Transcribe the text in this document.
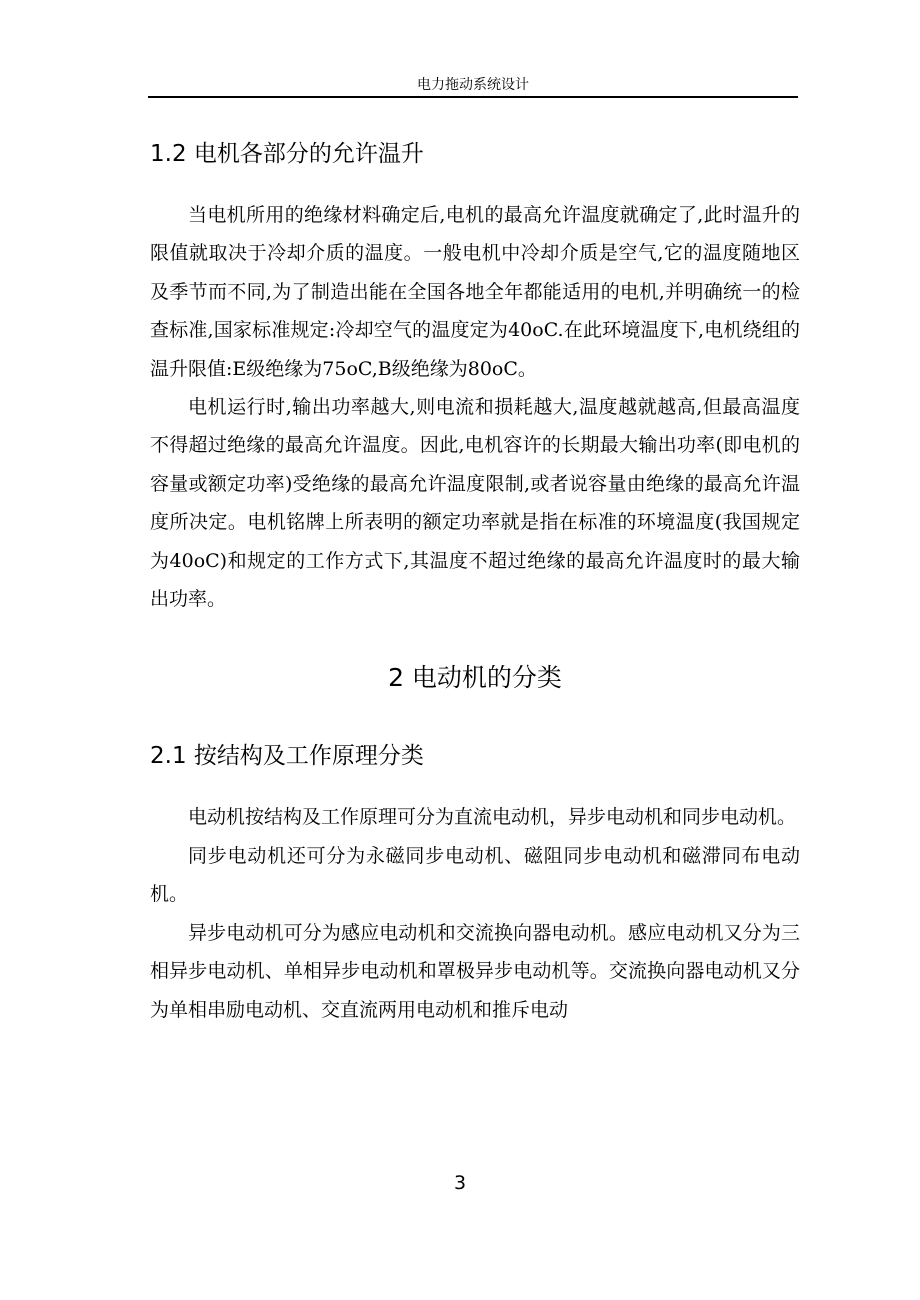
电力拖动系统设计
1.2 电机各部分的允许温升

当电机所用的绝缘材料确定后,电机的最高允许温度就确定了,此时温升的限值就取决于冷却介质的温度。一般电机中冷却介质是空气,它的温度随地区及季节而不同,为了制造出能在全国各地全年都能适用的电机,并明确统一的检查标准,国家标准规定:冷却空气的温度定为40oC.在此环境温度下,电机绕组的温升限值:E级绝缘为75oC,B级绝缘为80oC。

电机运行时,输出功率越大,则电流和损耗越大,温度越就越高,但最高温度不得超过绝缘的最高允许温度。因此,电机容许的长期最大输出功率(即电机的容量或额定功率)受绝缘的最高允许温度限制,或者说容量由绝缘的最高允许温度所决定。电机铭牌上所表明的额定功率就是指在标准的环境温度(我国规定为40oC)和规定的工作方式下,其温度不超过绝缘的最高允许温度时的最大输出功率。

2 电动机的分类
2.1 按结构及工作原理分类

电动机按结构及工作原理可分为直流电动机，异步电动机和同步电动机。

同步电动机还可分为永磁同步电动机、磁阻同步电动机和磁滞同布电动机。

异步电动机可分为感应电动机和交流换向器电动机。感应电动机又分为三相异步电动机、单相异步电动机和罩极异步电动机等。交流换向器电动机又分为单相串励电动机、交直流两用电动机和推斥电动

3
